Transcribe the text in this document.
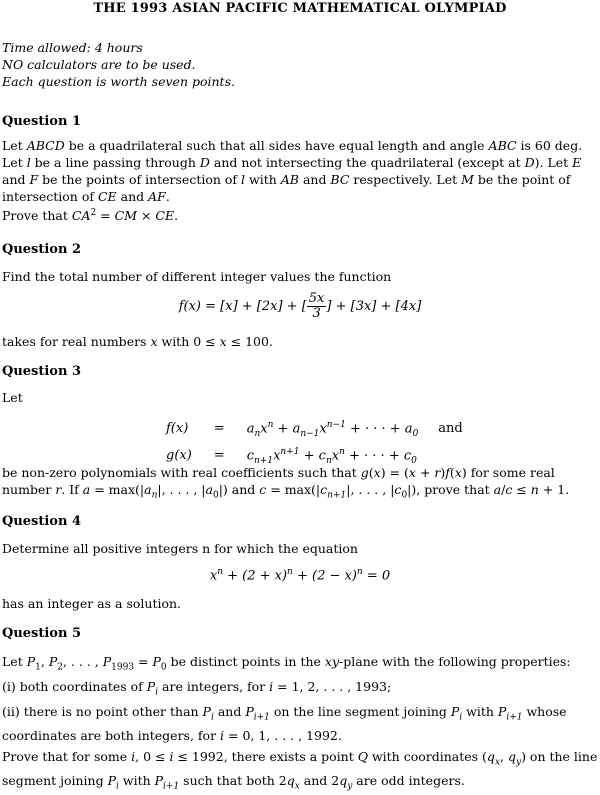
THE 1993 ASIAN PACIFIC MATHEMATICAL OLYMPIAD
Time allowed: 4 hours
NO calculators are to be used.
Each question is worth seven points.
Question 1
Let ABCD be a quadrilateral such that all sides have equal length and angle ABC is 60 deg. Let l be a line passing through D and not intersecting the quadrilateral (except at D). Let E and F be the points of intersection of l with AB and BC respectively. Let M be the point of intersection of CE and AF.
Prove that $CA^2$ = CM × CE.
Question 2
Find the total number of different integer values the function
f(x) = [x] + [2x] + [ $\frac{5x}{3}$ ] + [3x] + [4x]
takes for real numbers x with 0 ≤ x ≤ 100.
Question 3
Let
f(x)	=	$a_nx^n + a_{n-1}x^{n-1}$ + · · · + $a_0$	and
g(x)	=	$c_{n+1}x^{n+1} + c_nx^n$ + · · · + $c_0$	
be non-zero polynomials with real coefficients such that g(x) = (x + r)f(x) for some real number r. If $a = \max(|a_n|$, . . . , $|a_0|$) and $c = \max(|c_{n+1}|$, . . . , $|c_0|$), prove that a/c ≤ n + 1.
Question 4
Determine all positive integers n for which the equation
$x^n + (2 + x)^n + (2 - x)^n = 0$
has an integer as a solution.
Question 5
Let $P_1$, $P_2$, . . . , $P_{1993} = P_0$ be distinct points in the xy-plane with the following properties:
(i) both coordinates of $P_i$ are integers, for i = 1, 2, . . . , 1993;
(ii) there is no point other than $P_i$ and $P_{i+1}$ on the line segment joining $P_i$ with $P_{i+1}$ whose coordinates are both integers, for i = 0, 1, . . . , 1992.
Prove that for some i, 0 ≤ i ≤ 1992, there exists a point Q with coordinates ($q_x$, $q_y$) on the line segment joining $P_i$ with $P_{i+1}$ such that both $2q_x$ and $2q_y$ are odd integers.
